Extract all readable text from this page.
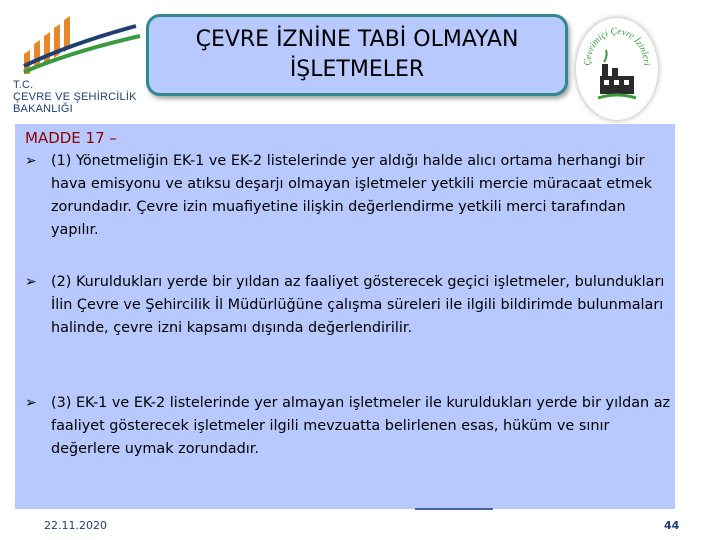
T.C.
ÇEVRE VE ŞEHİRCİLİK
BAKANLIĞI
ÇEVRE İZNİNE TABİ OLMAYAN
İŞLETMELER	Çevrimiçi Çevre İzinleri
MADDE 17 –
➢ (1) Yönetmeliğin EK-1 ve EK-2 listelerinde yer aldığı halde alıcı ortama herhangi bir hava emisyonu ve atıksu deşarjı olmayan işletmeler yetkili mercie müracaat etmek zorundadır. Çevre izin muafiyetine ilişkin değerlendirme yetkili merci tarafından yapılır.
➢ (2) Kuruldukları yerde bir yıldan az faaliyet gösterecek geçici işletmeler, bulundukları İlin Çevre ve Şehircilik İl Müdürlüğüne çalışma süreleri ile ilgili bildirimde bulunmaları halinde, çevre izni kapsamı dışında değerlendirilir.
➢ (3) EK-1 ve EK-2 listelerinde yer almayan işletmeler ile kuruldukları yerde bir yıldan az faaliyet gösterecek işletmeler ilgili mevzuatta belirlenen esas, hüküm ve sınır değerlere uymak zorundadır.
22.11.2020	44
